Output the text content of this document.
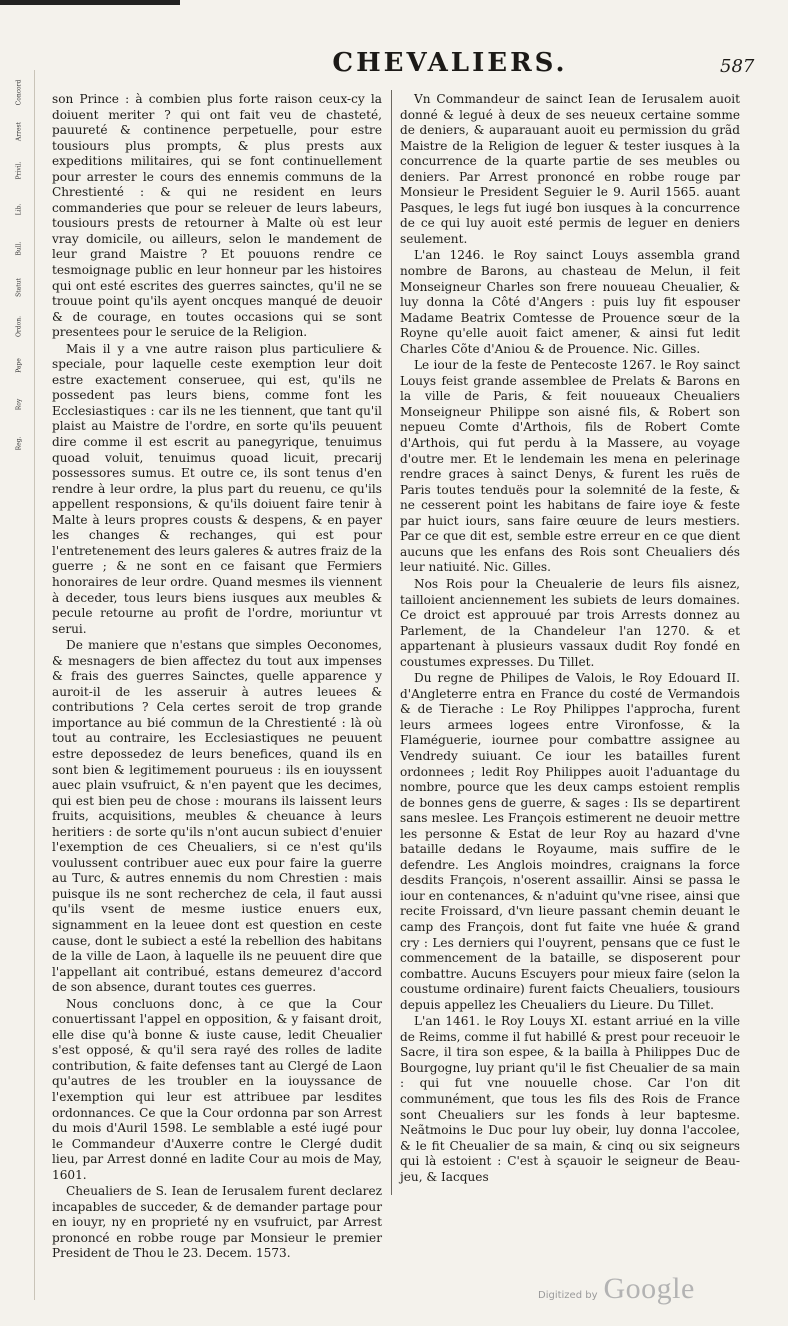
Concord
Arrest
Privil.
Lib.
Bull.
Statut
Ordon.
Pape
Roy
Reg.
CHEVALIERS.	587

son Prince : à combien plus forte raison ceux-cy la doiuent meriter ? qui ont fait veu de chasteté, pauureté & continence perpetuelle, pour estre tousiours plus prompts, & plus prests aux expeditions militaires, qui se font continuellement pour arrester le cours des ennemis communs de la Chrestienté : & qui ne resident en leurs commanderies que pour se releuer de leurs labeurs, tousiours prests de retourner à Malte où est leur vray domicile, ou ailleurs, selon le mandement de leur grand Maistre ? Et pouuons rendre ce tesmoignage public en leur honneur par les histoires qui ont esté escrites des guerres sainctes, qu'il ne se trouue point qu'ils ayent oncques manqué de deuoir & de courage, en toutes occasions qui se sont presentees pour le seruice de la Religion.

Mais il y a vne autre raison plus particuliere & speciale, pour laquelle ceste exemption leur doit estre exactement conseruee, qui est, qu'ils ne possedent pas leurs biens, comme font les Ecclesiastiques : car ils ne les tiennent, que tant qu'il plaist au Maistre de l'ordre, en sorte qu'ils peuuent dire comme il est escrit au panegyrique, tenuimus quoad voluit, tenuimus quoad licuit, precarij possessores sumus. Et outre ce, ils sont tenus d'en rendre à leur ordre, la plus part du reuenu, ce qu'ils appellent responsions, & qu'ils doiuent faire tenir à Malte à leurs propres cousts & despens, & en payer les changes & rechanges, qui est pour l'entretenement des leurs galeres & autres fraiz de la guerre ; & ne sont en ce faisant que Fermiers honoraires de leur ordre. Quand mesmes ils viennent à deceder, tous leurs biens iusques aux meubles & pecule retourne au profit de l'ordre, moriuntur vt serui.

De maniere que n'estans que simples Oeconomes, & mesnagers de bien affectez du tout aux impenses & frais des guerres Sainctes, quelle apparence y auroit-il de les asseruir à autres leuees & contributions ? Cela certes seroit de trop grande importance au bié commun de la Chrestienté : là où tout au contraire, les Ecclesiastiques ne peuuent estre depossedez de leurs benefices, quand ils en sont bien & legitimement pourueus : ils en iouyssent auec plain vsufruict, & n'en payent que les decimes, qui est bien peu de chose : mourans ils laissent leurs fruits, acquisitions, meubles & cheuance à leurs heritiers : de sorte qu'ils n'ont aucun subiect d'enuier l'exemption de ces Cheualiers, si ce n'est qu'ils voulussent contribuer auec eux pour faire la guerre au Turc, & autres ennemis du nom Chrestien : mais puisque ils ne sont recherchez de cela, il faut aussi qu'ils vsent de mesme iustice enuers eux, signamment en la leuee dont est question en ceste cause, dont le subiect a esté la rebellion des habitans de la ville de Laon, à laquelle ils ne peuuent dire que l'appellant ait contribué, estans demeurez d'accord de son absence, durant toutes ces guerres.

Nous concluons donc, à ce que la Cour conuertissant l'appel en opposition, & y faisant droit, elle dise qu'à bonne & iuste cause, ledit Cheualier s'est opposé, & qu'il sera rayé des rolles de ladite contribution, & faite defenses tant au Clergé de Laon qu'autres de les troubler en la iouyssance de l'exemption qui leur est attribuee par lesdites ordonnances. Ce que la Cour ordonna par son Arrest du mois d'Auril 1598. Le semblable a esté iugé pour le Commandeur d'Auxerre contre le Clergé dudit lieu, par Arrest donné en ladite Cour au mois de May, 1601.

Cheualiers de S. Iean de Ierusalem furent declarez incapables de succeder, & de demander partage pour en iouyr, ny en proprieté ny en vsufruict, par Arrest prononcé en robbe rouge par Monsieur le premier President de Thou le 23. Decem. 1573.

Vn Commandeur de sainct Iean de Ierusalem auoit donné & legué à deux de ses neueux certaine somme de deniers, & auparauant auoit eu permission du grãd Maistre de la Religion de leguer & tester iusques à la concurrence de la quarte partie de ses meubles ou deniers. Par Arrest prononcé en robbe rouge par Monsieur le President Seguier le 9. Auril 1565. auant Pasques, le legs fut iugé bon iusques à la concurrence de ce qui luy auoit esté permis de leguer en deniers seulement.

L'an 1246. le Roy sainct Louys assembla grand nombre de Barons, au chasteau de Melun, il feit Monseigneur Charles son frere nouueau Cheualier, & luy donna la Côté d'Angers : puis luy fit espouser Madame Beatrix Comtesse de Prouence sœur de la Royne qu'elle auoit faict amener, & ainsi fut ledit Charles Cõte d'Aniou & de Prouence. Nic. Gilles.

Le iour de la feste de Pentecoste 1267. le Roy sainct Louys feist grande assemblee de Prelats & Barons en la ville de Paris, & feit nouueaux Cheualiers Monseigneur Philippe son aisné fils, & Robert son nepueu Comte d'Arthois, fils de Robert Comte d'Arthois, qui fut perdu à la Massere, au voyage d'outre mer. Et le lendemain les mena en pelerinage rendre graces à sainct Denys, & furent les ruës de Paris toutes tenduës pour la solemnité de la feste, & ne cesserent point les habitans de faire ioye & feste par huict iours, sans faire œuure de leurs mestiers. Par ce que dit est, semble estre erreur en ce que dient aucuns que les enfans des Rois sont Cheualiers dés leur natiuité. Nic. Gilles.

Nos Rois pour la Cheualerie de leurs fils aisnez, tailloient anciennement les subiets de leurs domaines. Ce droict est approuué par trois Arrests donnez au Parlement, de la Chandeleur l'an 1270. & et appartenant à plusieurs vassaux dudit Roy fondé en coustumes expresses. Du Tillet.

Du regne de Philipes de Valois, le Roy Edouard II. d'Angleterre entra en France du costé de Vermandois & de Tierache : Le Roy Philippes l'approcha, furent leurs armees logees entre Vironfosse, & la Flaméguerie, iournee pour combattre assignee au Vendredy suiuant. Ce iour les batailles furent ordonnees ; ledit Roy Philippes auoit l'aduantage du nombre, pource que les deux camps estoient remplis de bonnes gens de guerre, & sages : Ils se departirent sans meslee. Les François estimerent ne deuoir mettre les personne & Estat de leur Roy au hazard d'vne bataille dedans le Royaume, mais suffire de le defendre. Les Anglois moindres, craignans la force desdits François, n'oserent assaillir. Ainsi se passa le iour en contenances, & n'aduint qu'vne risee, ainsi que recite Froissard, d'vn lieure passant chemin deuant le camp des François, dont fut faite vne huée & grand cry : Les derniers qui l'ouyrent, pensans que ce fust le commencement de la bataille, se disposerent pour combattre. Aucuns Escuyers pour mieux faire (selon la coustume ordinaire) furent faicts Cheualiers, tousiours depuis appellez les Cheualiers du Lieure. Du Tillet.

L'an 1461. le Roy Louys XI. estant arriué en la ville de Reims, comme il fut habillé & prest pour receuoir le Sacre, il tira son espee, & la bailla à Philippes Duc de Bourgogne, luy priant qu'il le fist Cheualier de sa main : qui fut vne nouuelle chose. Car l'on dit communément, que tous les fils des Rois de France sont Cheualiers sur les fonds à leur baptesme. Neãtmoins le Duc pour luy obeir, luy donna l'accolee, & le fit Cheualier de sa main, & cinq ou six seigneurs qui là estoient : C'est à sçauoir le seigneur de Beau-jeu, & Iacques

Digitized by Google
